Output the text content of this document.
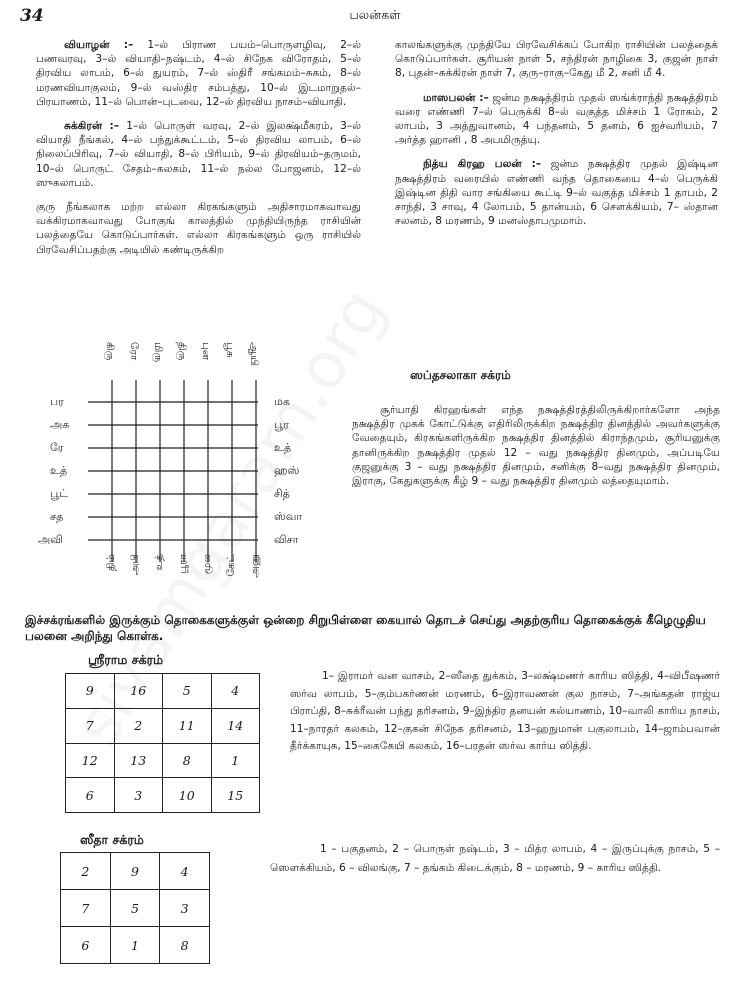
34	பலன்கள்

வியாழன் :– 1–ல் பிராண பயம்–பொருளழிவு, 2–ல் பணவரவு, 3–ல் வியாதி–நஷ்டம், 4–ல் சிநேக விரோதம், 5–ல் திரவிய லாபம், 6–ல் துயரம், 7–ல் ஸ்திரீ சங்கமம்–சுகம், 8–ல் மரணவியாகுலம், 9–ல் வஸ்திர சம்பத்து, 10–ல் இடமாறுதல்–பிரயாணம், 11–ல் பொன்–புடவை, 12–ல் திரவிய நாசம்–வியாதி.

சுக்கிரன் :– 1–ல் பொருள் வரவு, 2–ல் இலக்ஷ்மீகரம், 3–ல் வியாதி நீங்கல், 4–ல் பந்துக்கூட்டம், 5–ல் திரவிய லாபம், 6–ல் நிலைப்பிரிவு, 7–ல் வியாதி, 8–ல் பிரியம், 9–ல் திரவியம்–தருமம், 10–ல் பொருட் சேதம்–கலகம், 11–ல் நல்ல போஜனம், 12–ல் ஸுகலாபம்.

குரு நீங்கலாக மற்ற எல்லா கிரகங்களும் அதிசாரமாகவாவது வக்கிரமாகவாவது போகுங் காலத்தில் முந்தியிருந்த ராசியின் பலத்தையே கொடுப்பார்கள். எல்லா கிரகங்களும் ஒரு ராசியில் பிரவேசிப்பதற்கு அடியில் கண்டிருக்கிற

காலங்களுக்கு முந்தியே பிரவேசிக்கப் போகிற ராசியின் பலத்தைக் கொடுப்பார்கள். சூரியன் நாள் 5, சந்திரன் நாழிகை 3, குஜன் நாள் 8, புதன்–சுக்கிரன் நாள் 7, குரு–ராகு–கேது மீ 2, சனி மீ 4.

மாஸபலன் :– ஜன்ம நக்ஷத்திரம் முதல் ஸங்க்ராந்தி நக்ஷத்திரம் வரை எண்ணி 7–ல் பெருக்கி 8–ல் வகுத்த மிச்சம் 1 ரோகம், 2 லாபம், 3 அத்துவானம், 4 பந்தனம், 5 தனம், 6 ஐச்வரியம், 7 அர்த்த ஹானி , 8 அபமிருத்யு.

நித்ய கிரஹ பலன் :– ஜன்ம நக்ஷத்திர முதல் இஷ்டின நக்ஷத்திரம் வரையில் எண்ணி வந்த தொகையை 4–ல் பெருக்கி இஷ்டின திதி வார சங்கியை கூட்டி 9–ல் வகுத்த மிச்சம் 1 தாபம், 2 சாந்தி, 3 சாவு, 4 லோபம், 5 தான்யம், 6 சௌக்கியம், 7– ஸ்தான சலனம், 8 மரணம், 9 மனஸ்தாபமுமாம்.

கிரு ரோ மிரு திரு புன பூசு ஆயி
திம் அபி உத் பூரா மூல கேட் அனு
பர
அசு
ரே
உத்
பூட்
சத
அவி
மக
பூர
உத்
ஹஸ்
சித்
ஸ்வா
விசா
ஸப்தசலாகா சக்ரம்
சூர்யாதி கிரஹங்கள் எந்த நக்ஷத்திரத்திலிருக்கிறார்களோ அந்த நக்ஷத்திர முகக் கோட்டுக்கு எதிரிலிருக்கிற நக்ஷத்திர தினத்தில் அவர்களுக்கு வேதையும், கிரகங்களிருக்கிற நக்ஷத்திர தினத்தில் கிராந்தமும், சூரியனுக்கு தானிருக்கிற நக்ஷத்திர முதல் 12 – வது நக்ஷத்திர தினமும், அப்படியே குஜனுக்கு 3 – வது நக்ஷத்திர தினமும், சனிக்கு 8–வது நக்ஷத்திர தினமும், இராகு, கேதுகளுக்கு கீழ் 9 – வது நக்ஷத்திர தினமும் லத்தையுமாம்.
இச்சக்ரங்களில் இருக்கும் தொகைகளுக்குள் ஒன்றை சிறுபிள்ளை கையால் தொடச் செய்து அதற்குரிய தொகைக்குக் கீழெழுதிய பலனை அறிந்து கொள்க.
ஸ்ரீராம சக்ரம்
9	16	5	4
7	2	11	14
12	13	8	1
6	3	10	15
1– இராமர் வன வாசம், 2–ஸீதை துக்கம், 3–லக்ஷ்மணர் காரிய ஸித்தி, 4–விபீஷணர் ஸர்வ லாபம், 5–கும்பகர்ணன் மரணம், 6–இராவணன் குல நாசம், 7–அங்கதன் ராஜ்ய பிராப்தி, 8–சுக்ரீவன் பந்து தரிசனம், 9–இந்திர தனயன் கல்யாணம், 10–வாலி காரிய நாசம், 11–நாரதர் கலகம், 12–குகன் சிநேக தரிசனம், 13–ஹநுமான் பகுலாபம், 14–ஜாம்பவான் தீர்க்காயுசு, 15–கைகேயி கலகம், 16–பரதன் ஸர்வ கார்ய ஸித்தி.
ஸீதா சக்ரம்
2	9	4
7	5	3
6	1	8
1 – பகுதனம், 2 – பொருள் நஷ்டம், 3 – மித்ர லாபம், 4 – இருப்புக்கு நாசம், 5 – ஸௌக்கியம், 6 – விலங்கு, 7 – தங்கம் கிடைக்கும், 8 – மரணம், 9 – காரிய ஸித்தி.
